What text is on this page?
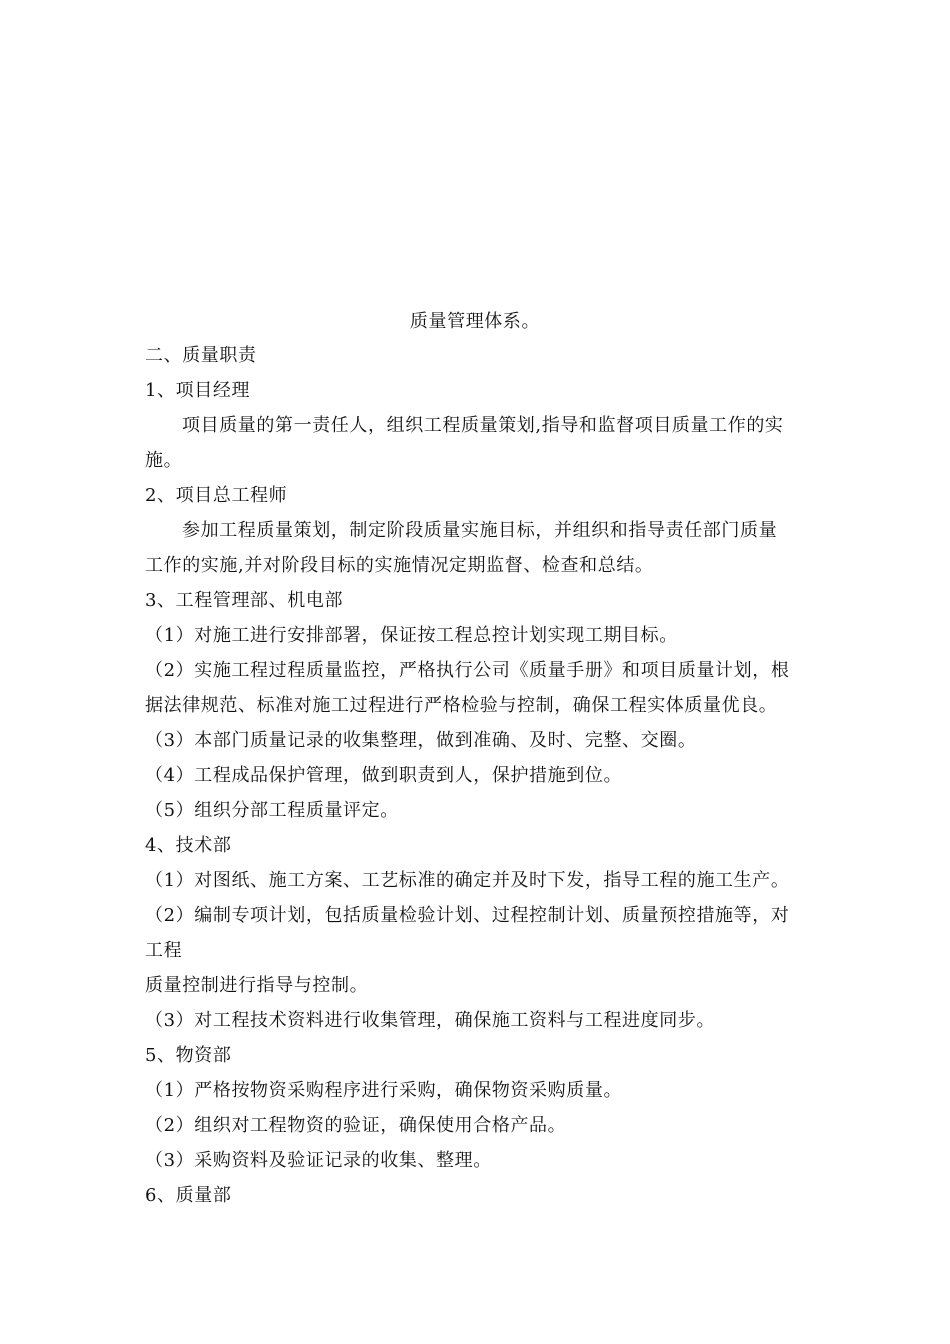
质量管理体系。
二、质量职责
1、项目经理
项目质量的第一责任人，组织工程质量策划,指导和监督项目质量工作的实
施。
2、项目总工程师
参加工程质量策划，制定阶段质量实施目标，并组织和指导责任部门质量
工作的实施,并对阶段目标的实施情况定期监督、检查和总结。
3、工程管理部、机电部
（1）对施工进行安排部署，保证按工程总控计划实现工期目标。
（2）实施工程过程质量监控，严格执行公司《质量手册》和项目质量计划，根
据法律规范、标准对施工过程进行严格检验与控制，确保工程实体质量优良。
（3）本部门质量记录的收集整理，做到准确、及时、完整、交圈。
（4）工程成品保护管理，做到职责到人，保护措施到位。
（5）组织分部工程质量评定。
4、技术部
（1）对图纸、施工方案、工艺标准的确定并及时下发，指导工程的施工生产。
（2）编制专项计划，包括质量检验计划、过程控制计划、质量预控措施等，对
工程
质量控制进行指导与控制。
（3）对工程技术资料进行收集管理，确保施工资料与工程进度同步。
5、物资部
（1）严格按物资采购程序进行采购，确保物资采购质量。
（2）组织对工程物资的验证，确保使用合格产品。
（3）采购资料及验证记录的收集、整理。
6、质量部
